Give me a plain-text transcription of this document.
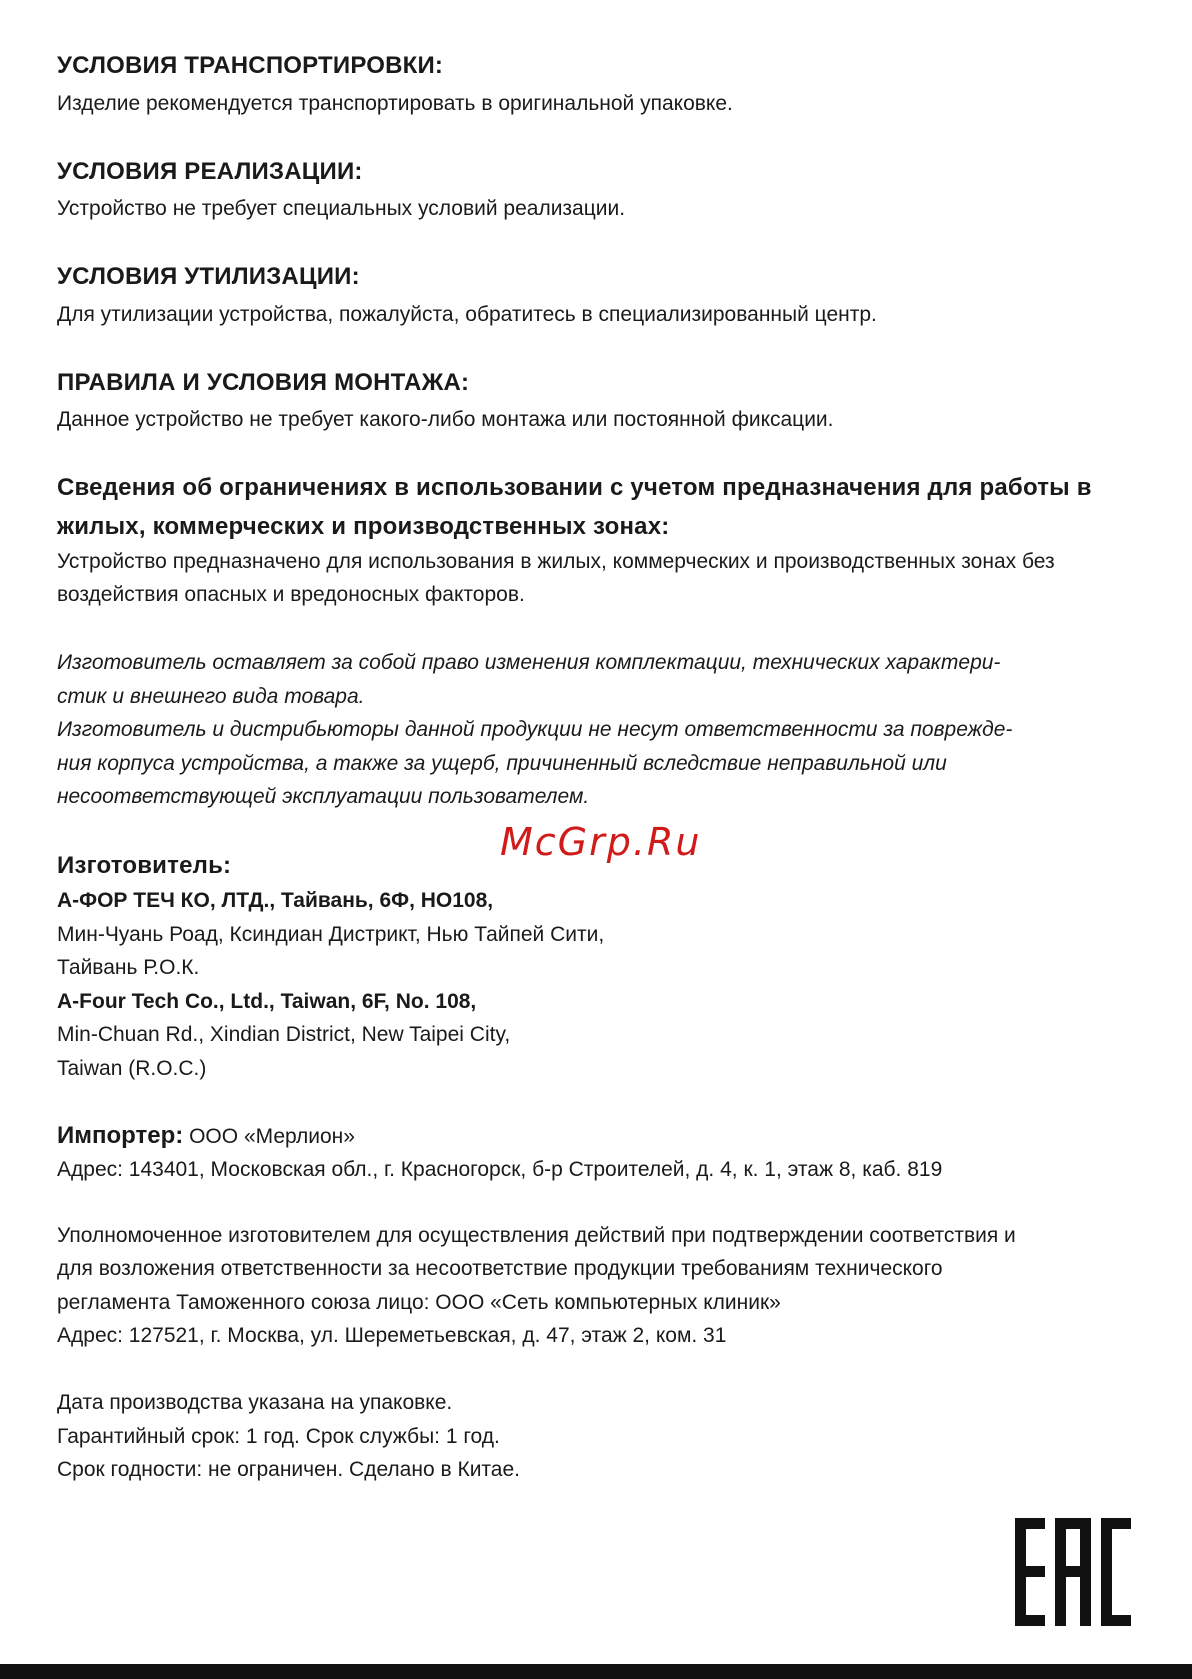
УСЛОВИЯ ТРАНСПОРТИРОВКИ:

Изделие рекомендуется транспортировать в оригинальной упаковке.

УСЛОВИЯ РЕАЛИЗАЦИИ:

Устройство не требует специальных условий реализации.

УСЛОВИЯ УТИЛИЗАЦИИ:

Для утилизации устройства, пожалуйста, обратитесь в специализированный центр.

ПРАВИЛА И УСЛОВИЯ МОНТАЖА:

Данное устройство не требует какого-либо монтажа или постоянной фиксации.

Сведения об ограничениях в использовании с учетом предназначения для работы в
жилых, коммерческих и производственных зонах:

Устройство предназначено для использования в жилых, коммерческих и производственных зонах без

воздействия опасных и вредоносных факторов.

Изготовитель оставляет за собой право изменения комплектации, технических характери-

стик и внешнего вида товара.

Изготовитель и дистрибьюторы данной продукции не несут ответственности за поврежде-

ния корпуса устройства, а также за ущерб, причиненный вследствие неправильной или

несоответствующей эксплуатации пользователем.

Изготовитель:

А-ФОР ТЕЧ КО, ЛТД., Тайвань, 6Ф, НО108,

Мин-Чуань Роад, Ксиндиан Дистрикт, Нью Тайпей Сити,

Тайвань Р.О.К.

A-Four Tech Co., Ltd., Taiwan, 6F, No. 108,

Min-Chuan Rd., Xindian District, New Taipei City,

Taiwan (R.O.C.)

Импортер: ООО «Мерлион»

Адрес: 143401, Московская обл., г. Красногорск, б-р Строителей, д. 4, к. 1, этаж 8, каб. 819

Уполномоченное изготовителем для осуществления действий при подтверждении соответствия и

для возложения ответственности за несоответствие продукции требованиям технического

регламента Таможенного союза лицо: ООО «Сеть компьютерных клиник»

Адрес: 127521, г. Москва, ул. Шереметьевская, д. 47, этаж 2, ком. 31

Дата производства указана на упаковке.

Гарантийный срок: 1 год. Срок службы: 1 год.

Срок годности: не ограничен. Сделано в Китае.

McGrp.Ru
